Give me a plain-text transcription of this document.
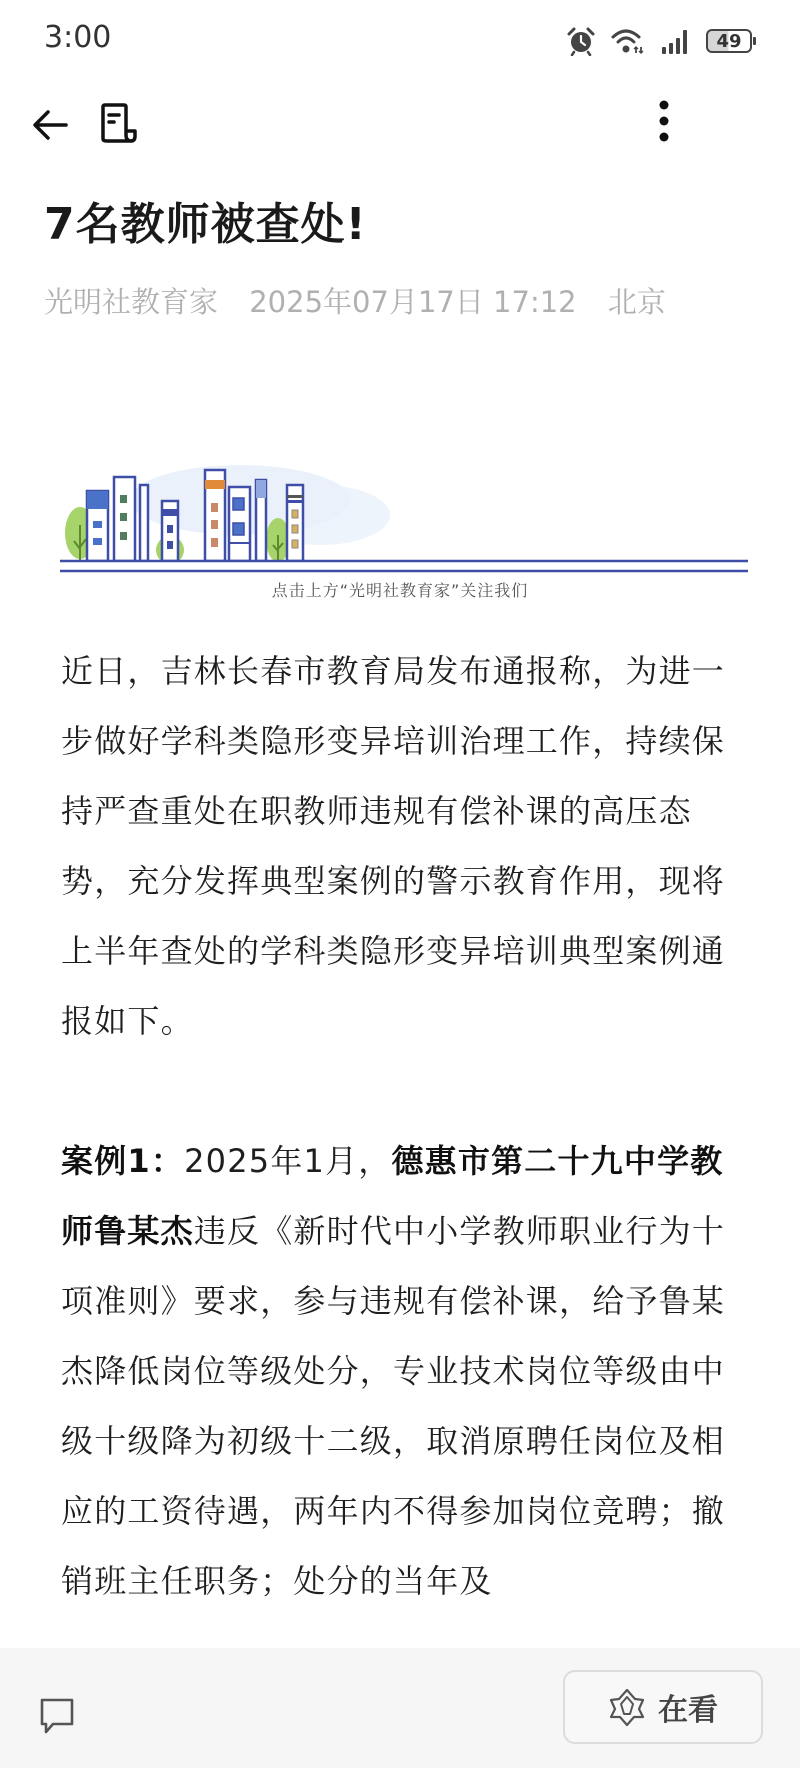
3:00	49
7名教师被查处!
光明社教育家 2025年07月17日 17:12 北京
点击上方“光明社教育家”关注我们

近日，吉林长春市教育局发布通报称，为进一步做好学科类隐形变异培训治理工作，持续保持严查重处在职教师违规有偿补课的高压态势，充分发挥典型案例的警示教育作用，现将上半年查处的学科类隐形变异培训典型案例通报如下。

案例1：2025年1月，德惠市第二十九中学教师鲁某杰违反《新时代中小学教师职业行为十项准则》要求，参与违规有偿补课，给予鲁某杰降低岗位等级处分，专业技术岗位等级由中级十级降为初级十二级，取消原聘任岗位及相应的工资待遇，两年内不得参加岗位竞聘；撤销班主任职务；处分的当年及

在看
